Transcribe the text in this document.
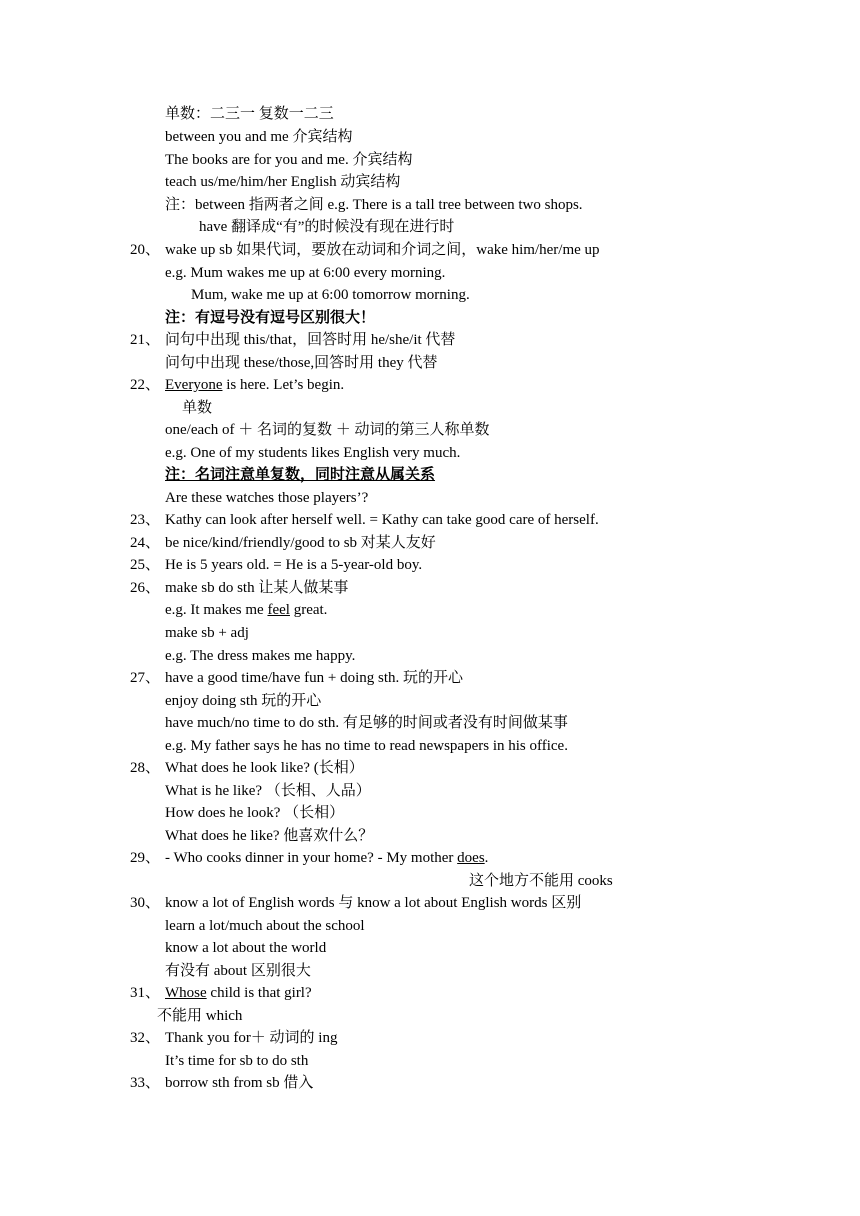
单数：二三一 复数一二三
between you and me 介宾结构
The books are for you and me. 介宾结构
teach us/me/him/her English 动宾结构
注：between 指两者之间 e.g. There is a tall tree between two shops.
have 翻译成“有”的时候没有现在进行时
20、 wake up sb 如果代词，要放在动词和介词之间，wake him/her/me up
e.g. Mum wakes me up at 6:00 every morning.
Mum, wake me up at 6:00 tomorrow morning.
注：有逗号没有逗号区别很大！
21、 问句中出现 this/that，回答时用 he/she/it 代替
问句中出现 these/those,回答时用 they 代替
22、 Everyone is here. Let’s begin.
单数
one/each of ＋ 名词的复数 ＋ 动词的第三人称单数
e.g. One of my students likes English very much.
注：名词注意单复数，同时注意从属关系
Are these watches those players’?
23、 Kathy can look after herself well. = Kathy can take good care of herself.
24、 be nice/kind/friendly/good to sb 对某人友好
25、 He is 5 years old. = He is a 5-year-old boy.
26、 make sb do sth 让某人做某事
e.g. It makes me feel great.
make sb + adj
e.g. The dress makes me happy.
27、 have a good time/have fun + doing sth. 玩的开心
enjoy doing sth 玩的开心
have much/no time to do sth. 有足够的时间或者没有时间做某事
e.g. My father says he has no time to read newspapers in his office.
28、 What does he look like? (长相）
What is he like? （长相、人品）
How does he look? （长相）
What does he like? 他喜欢什么？
29、 - Who cooks dinner in your home? - My mother does.
这个地方不能用 cooks
30、 know a lot of English words 与 know a lot about English words 区别
learn a lot/much about the school
know a lot about the world
有没有 about 区别很大
31、 Whose child is that girl?
不能用 which
32、 Thank you for＋ 动词的 ing
It’s time for sb to do sth
33、 borrow sth from sb 借入
